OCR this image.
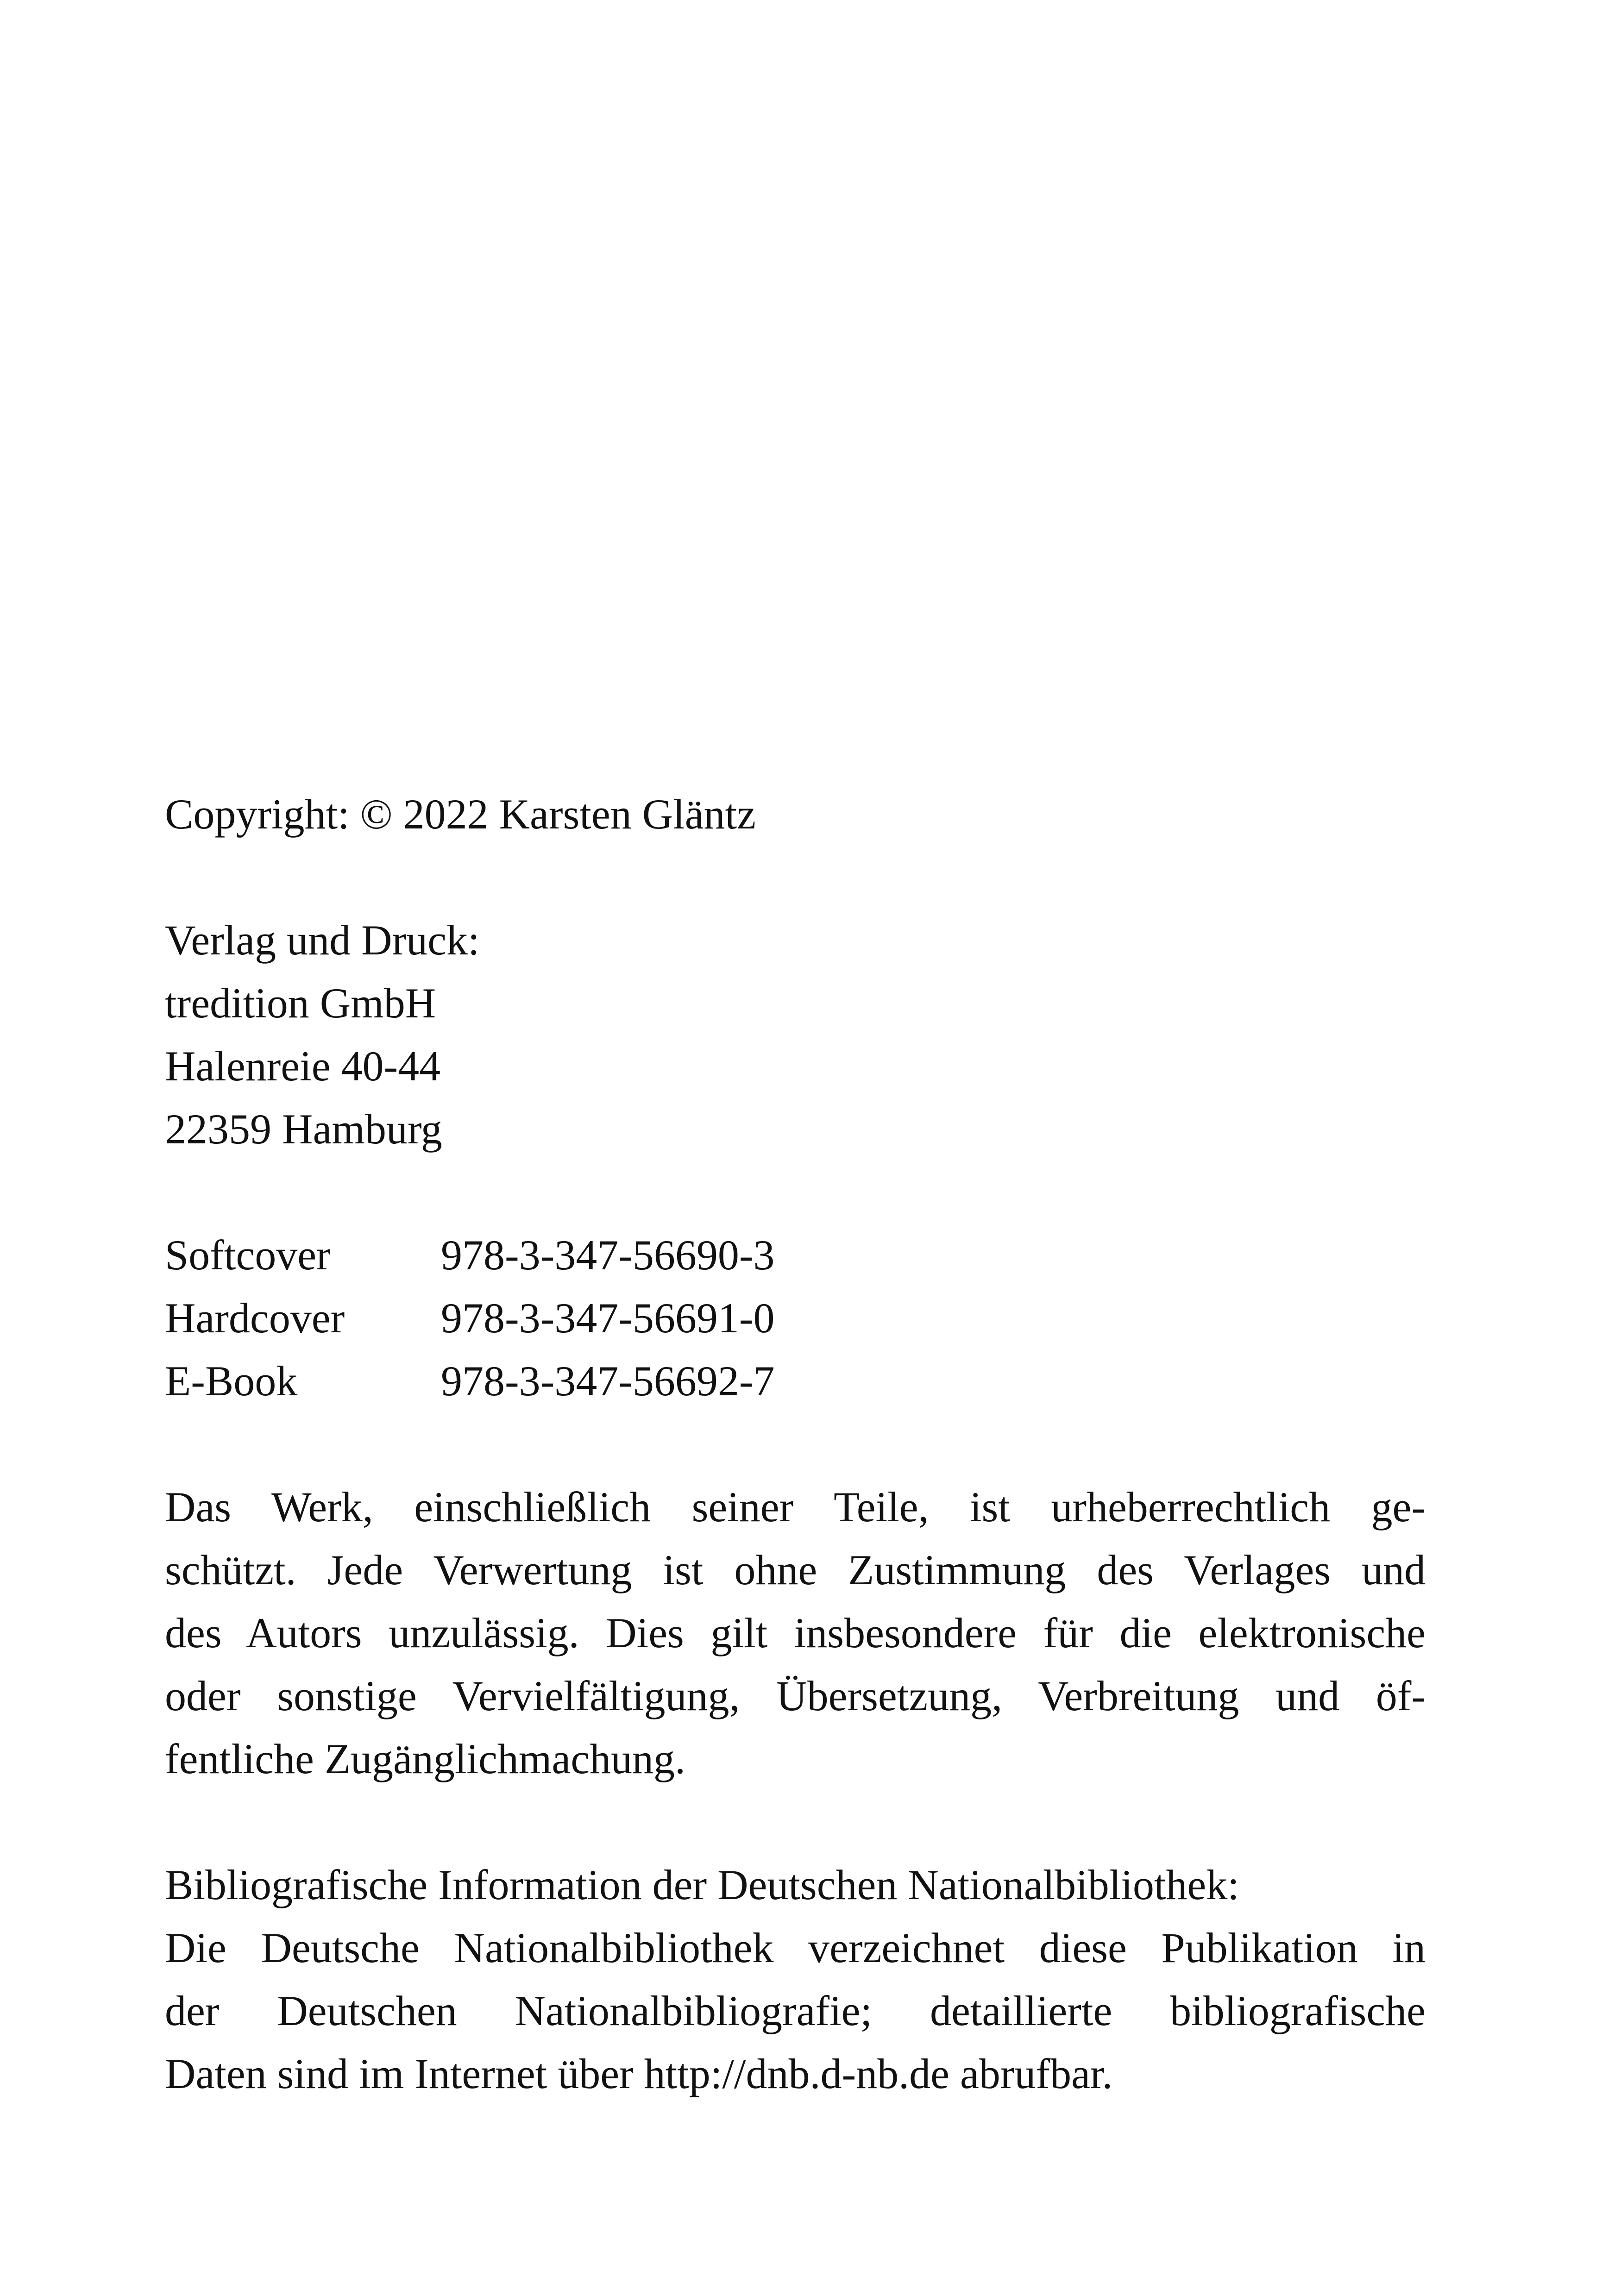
Copyright: © 2022 Karsten Gläntz
Verlag und Druck:
tredition GmbH
Halenreie 40-44
22359 Hamburg
Softcover	978-3-347-56690-3
Hardcover	978-3-347-56691-0
E-Book	978-3-347-56692-7
Das Werk, einschließlich seiner Teile, ist urheberrechtlich ge-
schützt. Jede Verwertung ist ohne Zustimmung des Verlages und
des Autors unzulässig. Dies gilt insbesondere für die elektronische
oder sonstige Vervielfältigung, Übersetzung, Verbreitung und öf-
fentliche Zugänglichmachung.
Bibliografische Information der Deutschen Nationalbibliothek:
Die Deutsche Nationalbibliothek verzeichnet diese Publikation in
der Deutschen Nationalbibliografie; detaillierte bibliografische
Daten sind im Internet über http://dnb.d-nb.de abrufbar.
